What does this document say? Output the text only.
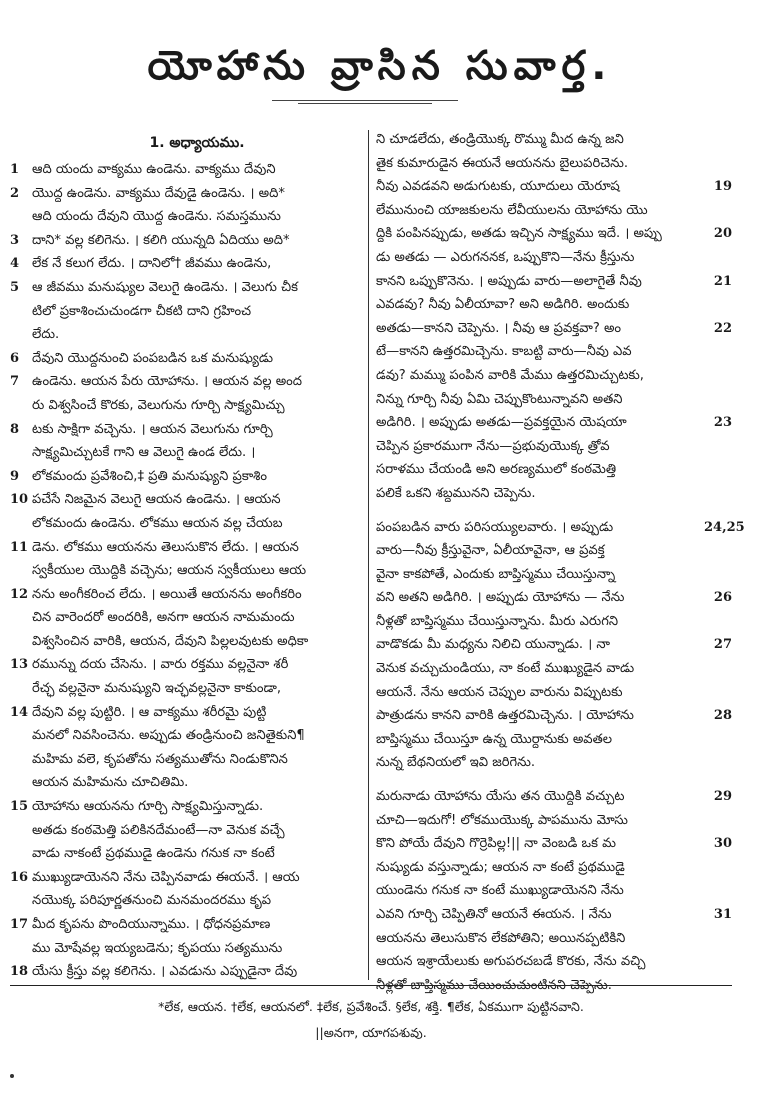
యోహాను వ్రాసిన సువార్త.
1. అధ్యాయము.
1 ఆది యందు వాక్యము ఉండెను. వాక్యము దేవుని
2 యొద్ద ఉండెను. వాక్యము దేవుడై ఉండెను. । అది*
ఆది యందు దేవుని యొద్ద ఉండెను. సమస్తమును
3 దాని* వల్ల కలిగెను. । కలిగి యున్నది ఏదియు అది*
4 లేక నే కలుగ లేదు. । దానిలో† జీవము ఉండెను,
5 ఆ జీవము మనుష్యుల వెలుగై ఉండెను. । వెలుగు చీక
టిలో ప్రకాశించుచుండగా చీకటి దాని గ్రహించ
లేదు.
6 దేవుని యొద్దనుంచి పంపబడిన ఒక మనుష్యుడు
7 ఉండెను. ఆయన పేరు యోహాను. । ఆయన వల్ల అంద
రు విశ్వసించే కొరకు, వెలుగును గూర్చి సాక్ష్యమిచ్చు
8 టకు సాక్షిగా వచ్చెను. । ఆయన వెలుగును గూర్చి
సాక్ష్యమిచ్చుటకే గాని ఆ వెలుగై ఉండ లేదు. ।
9 లోకమందు ప్రవేశించి,‡ ప్రతి మనుష్యుని ప్రకాశిం
10 పచేసే నిజమైన వెలుగై ఆయన ఉండెను. । ఆయన
లోకమందు ఉండెను. లోకము ఆయన వల్ల చేయబ
11 డెను. లోకము ఆయనను తెలుసుకొన లేదు. । ఆయన
స్వకీయుల యొద్దికి వచ్చెను; ఆయన స్వకీయులు ఆయ
12 నను అంగీకరించ లేదు. । అయితే ఆయనను అంగీకరిం
చిన వారెందరో అందరికి, అనగా ఆయన నామమందు
విశ్వసించిన వారికి, ఆయన, దేవుని పిల్లలవుటకు అధికా
13 రమున్ను దయ చేసెను. । వారు రక్తము వల్లనైనా శరీ
రేచ్ఛ వల్లనైనా మనుష్యుని ఇచ్ఛవల్లనైనా కాకుండా,
14 దేవుని వల్ల పుట్టిరి. । ఆ వాక్యము శరీరమై పుట్టి
మనలో నివసించెను. అప్పుడు తండ్రినుంచి జనితైకుని¶
మహిమ వలె, కృపతోను సత్యముతోను నిండుకొనిన
ఆయన మహిమను చూచితిమి.
15 యోహాను ఆయనను గూర్చి సాక్ష్యమిస్తున్నాడు.
అతడు కంఠమెత్తి పలికినదేమంటే—నా వెనుక వచ్చే
వాడు నాకంటే ప్రథముడై ఉండెను గనుక నా కంటే
16 ముఖ్యుడాయెనని నేను చెప్పినవాడు ఈయనే. । ఆయ
నయొక్క పరిపూర్ణతనుంచి మనమందరము కృప
17 మీద కృపను పొందియున్నాము. । ధోధనప్రమాణ
ము మోషేవల్ల ఇయ్యబడెను; కృపయు సత్యమును
18 యేసు క్రీస్తు వల్ల కలిగెను. । ఎవడును ఎప్పుడైనా దేవు
ని చూడలేదు, తండ్రియొక్క రొమ్ము మీద ఉన్న జని
తైక కుమారుడైన ఈయనే ఆయనను బైలుపరిచెను.
నీవు ఎవడవని అడుగుటకు, యూదులు యెరూష	19
లేమునుంచి యాజకులను లేవీయులను యోహాను యొ
ద్దికి పంపినప్పుడు, అతడు ఇచ్చిన సాక్ష్యము ఇదే. । అప్పు	20
డు అతడు — ఎరుగననక, ఒప్పుకొని—నేను క్రీస్తును
కానని ఒప్పుకొనెను. । అప్పుడు వారు—అలాగైతే నీవు	21
ఎవడవు? నీవు ఏలీయావా? అని అడిగిరి. అందుకు
అతడు—కానని చెప్పెను. । నీవు ఆ ప్రవక్తవా? అం	22
టే—కానని ఉత్తరమిచ్చెను. కాబట్టి వారు—నీవు ఎవ
డవు? మమ్ము పంపిన వారికి మేము ఉత్తరమిచ్చుటకు,
నిన్ను గూర్చి నీవు ఏమి చెప్పుకొంటున్నావని అతని
అడిగిరి. । అప్పుడు అతడు—ప్రవక్తయైన యెషయా	23
చెప్పిన ప్రకారముగా నేను—ప్రభువుయొక్క త్రోవ
సరాళము చేయండి అని అరణ్యములో కంఠమెత్తి
పలికే ఒకని శబ్దమునని చెప్పెను.
పంపబడిన వారు పరిసయ్యులవారు. । అప్పుడు	24,25
వారు—నీవు క్రీస్తువైనా, ఏలీయావైనా, ఆ ప్రవక్త
వైనా కాకపోతే, ఎందుకు బాప్తిస్మము చేయిస్తున్నా
వని అతని అడిగిరి. । అప్పుడు యోహాను — నేను	26
నీళ్లతో బాప్తిస్మము చేయిస్తున్నాను. మీరు ఎరుగని
వాడొకడు మీ మధ్యను నిలిచి యున్నాడు. । నా	27
వెనుక వచ్చుచుండియు, నా కంటే ముఖ్యుడైన వాడు
ఆయనే. నేను ఆయన చెప్పుల వారును విప్పుటకు
పాత్రుడను కానని వారికి ఉత్తరమిచ్చెను. । యోహాను	28
బాప్తిస్మము చేయిస్తూ ఉన్న యొర్దానుకు అవతల
నున్న బేథనియలో ఇవి జరిగెను.
మరునాడు యోహాను యేసు తన యొద్దికి వచ్చుట	29
చూచి—ఇదుగో! లోకముయొక్క పాపమును మోసు
కొని పోయే దేవుని గొర్రెపిల్ల!|| నా వెంబడి ఒక మ	30
నుష్యుడు వస్తున్నాడు; ఆయన నా కంటే ప్రథముడై
యుండెను గనుక నా కంటే ముఖ్యుడాయెనని నేను
ఎవని గూర్చి చెప్పితినో ఆయనే ఈయన. । నేను	31
ఆయనను తెలుసుకొన లేకపోతిని; అయినప్పటికిని
ఆయన ఇశ్రాయేలుకు అగుపరచబడే కొరకు, నేను వచ్చి
నీళ్లతో బాప్తిస్మము చేయించుచుంటినని చెప్పెను.
*లేక, ఆయన. †లేక, ఆయనలో. ‡లేక, ప్రవేశించే. §లేక, శక్తి. ¶లేక, ఏకముగా పుట్టినవాని.
||అనగా, యాగపశువు.
